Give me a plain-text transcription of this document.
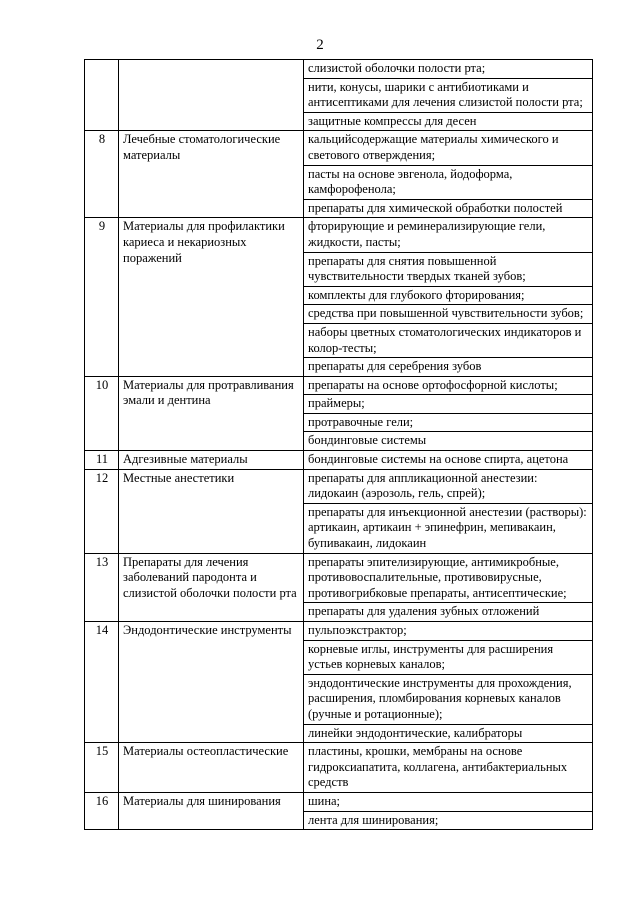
2
		слизистой оболочки полости рта;
		нити, конусы, шарики с антибиотиками и антисептиками для лечения слизистой полости рта;
		защитные компрессы для десен
8	Лечебные стоматологические материалы	кальцийсодержащие материалы химического и светового отверждения;
		пасты на основе эвгенола, йодоформа, камфорофенола;
		препараты для химической обработки полостей
9	Материалы для профилактики кариеса и некариозных поражений	фторирующие и реминерализирующие гели, жидкости, пасты;
		препараты для снятия повышенной чувствительности твердых тканей зубов;
		комплекты для глубокого фторирования;
		средства при повышенной чувствительности зубов;
		наборы цветных стоматологических индикаторов и колор-тесты;
		препараты для серебрения зубов
10	Материалы для протравливания эмали и дентина	препараты на основе ортофосфорной кислоты;
		праймеры;
		протравочные гели;
		бондинговые системы
11	Адгезивные материалы	бондинговые системы на основе спирта, ацетона
12	Местные анестетики	препараты для аппликационной анестезии: лидокаин (аэрозоль, гель, спрей);
		препараты для инъекционной анестезии (растворы): артикаин, артикаин + эпинефрин, мепивакаин, бупивакаин, лидокаин
13	Препараты для лечения заболеваний пародонта и слизистой оболочки полости рта	препараты эпителизирующие, антимикробные, противовоспалительные, противовирусные, противогрибковые препараты, антисептические;
		препараты для удаления зубных отложений
14	Эндодонтические инструменты	пульпоэкстрактор;
		корневые иглы, инструменты для расширения устьев корневых каналов;
		эндодонтические инструменты для прохождения, расширения, пломбирования корневых каналов (ручные и ротационные);
		линейки эндодонтические, калибраторы
15	Материалы остеопластические	пластины, крошки, мембраны на основе гидроксиапатита, коллагена, антибактериальных средств
16	Материалы для шинирования	шина;
		лента для шинирования;
